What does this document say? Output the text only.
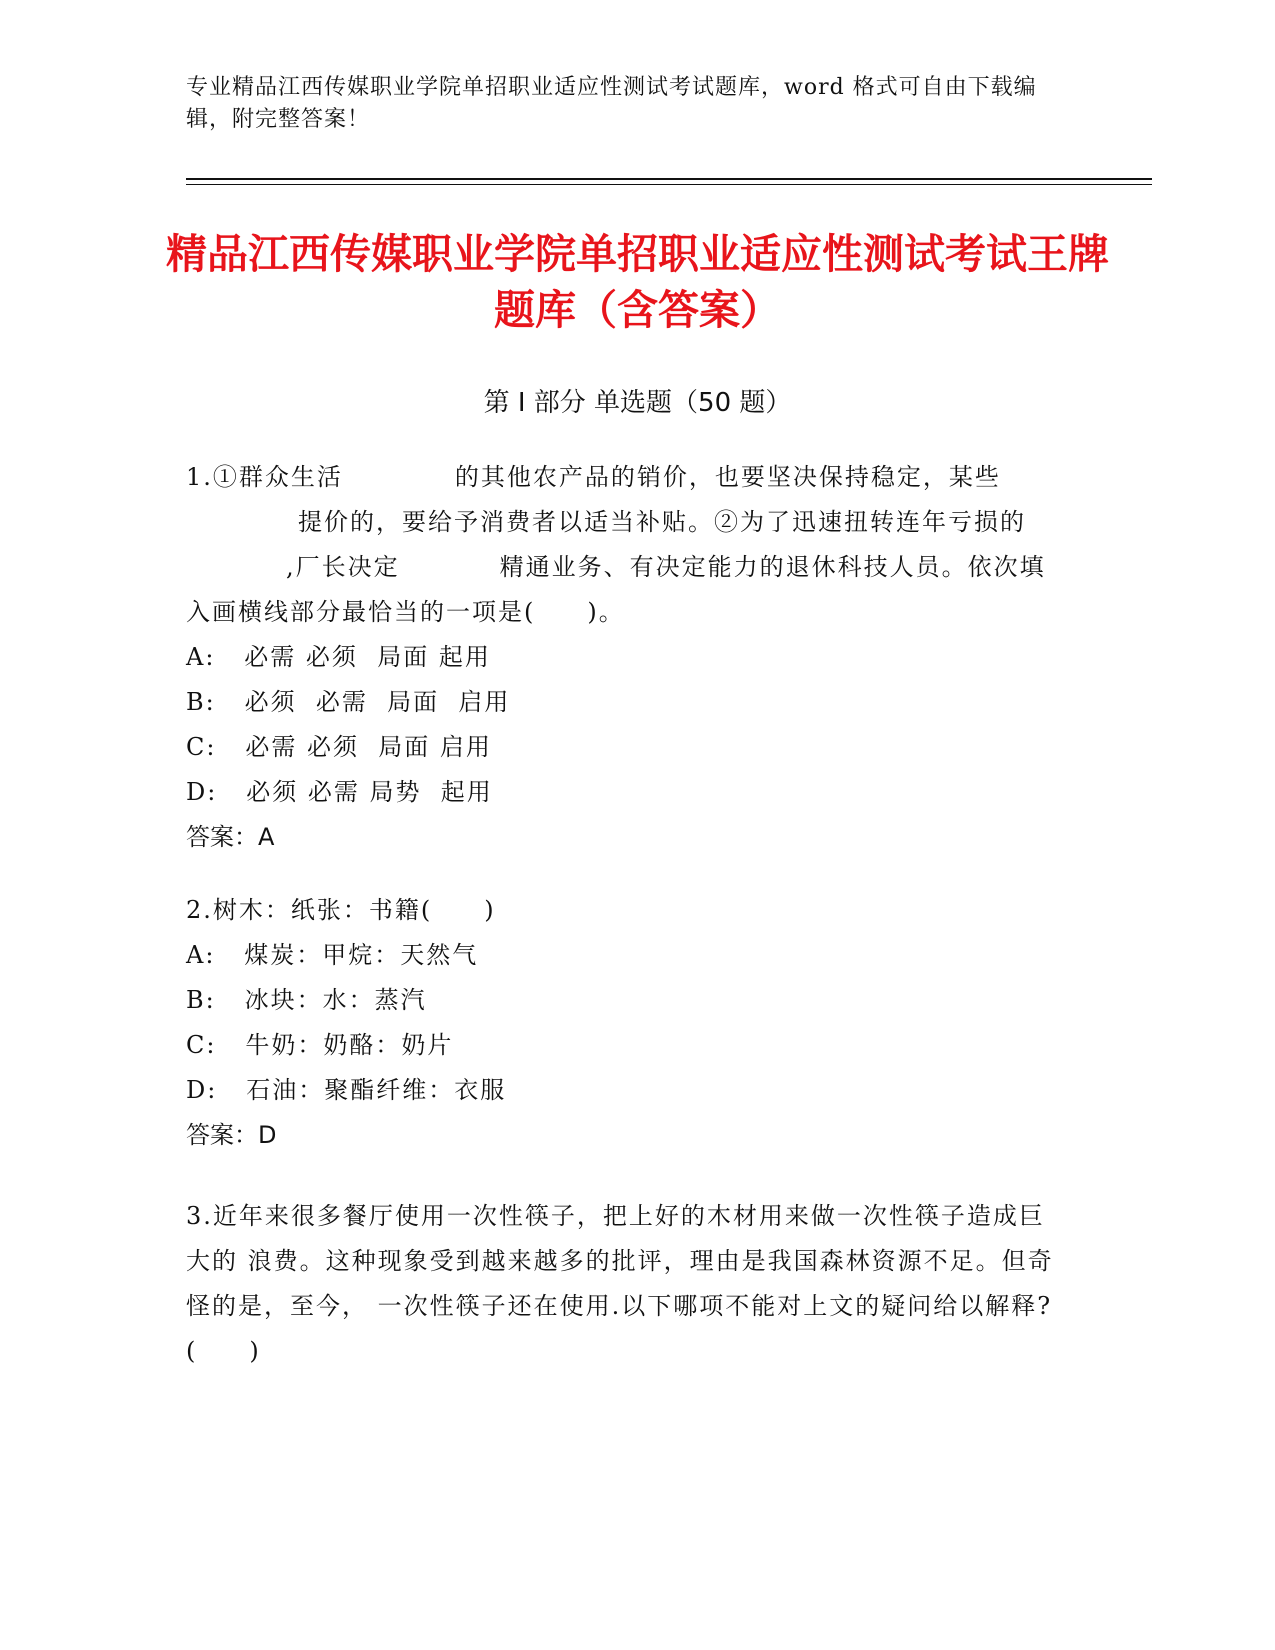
专业精品江西传媒职业学院单招职业适应性测试考试题库，word 格式可自由下载编辑，附完整答案！
精品江西传媒职业学院单招职业适应性测试考试王牌题库（含答案）
第 I 部分 单选题（50 题）
1.①群众生活	的其他农产品的销价，也要坚决保持稳定，某些提价的，要给予消费者以适当补贴。②为了迅速扭转连年亏损的,厂长决定	精通业务、有决定能力的退休科技人员。依次填入画横线部分最恰当的一项是(　　)。
A:   必需 必须  局面 起用
B:   必须  必需  局面  启用
C:   必需 必须  局面 启用
D:   必须 必需 局势  起用
答案：A
2.树木：纸张：书籍(　　)
A:   煤炭：甲烷：天然气
B:   冰块：水：蒸汽
C:   牛奶：奶酪：奶片
D:   石油：聚酯纤维：衣服
答案：D
3.近年来很多餐厅使用一次性筷子，把上好的木材用来做一次性筷子造成巨大的 浪费。这种现象受到越来越多的批评，理由是我国森林资源不足。但奇怪的是，至今， 一次性筷子还在使用.以下哪项不能对上文的疑问给以解释?(　　)
